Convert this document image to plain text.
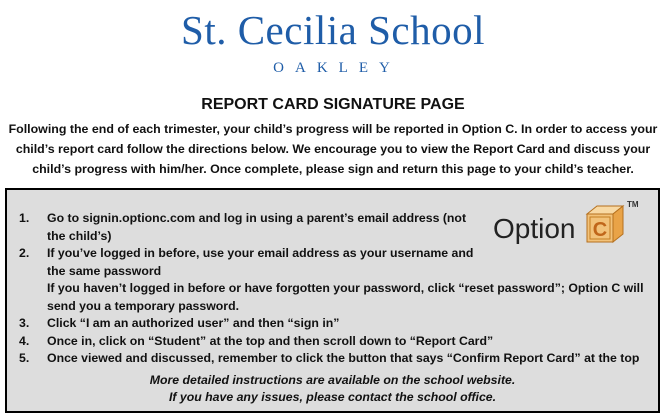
St. Cecilia School
OAKLEY
REPORT CARD SIGNATURE PAGE
Following the end of each trimester, your child’s progress will be reported in Option C. In order to access your child’s report card follow the directions below. We encourage you to view the Report Card and discuss your child’s progress with him/her. Once complete, please sign and return this page to your child’s teacher.
1. Go to signin.optionc.com and log in using a parent’s email address (not
the child’s)
2. If you’ve logged in before, use your email address as your username and
the same password
If you haven’t logged in before or have forgotten your password, click “reset password”; Option C will send you a temporary password.
3. Click “I am an authorized user” and then “sign in”
4. Once in, click on “Student” at the top and then scroll down to “Report Card”
5. Once viewed and discussed, remember to click the button that says “Confirm Report Card” at the top
More detailed instructions are available on the school website.
If you have any issues, please contact the school office.
Option C
TM
